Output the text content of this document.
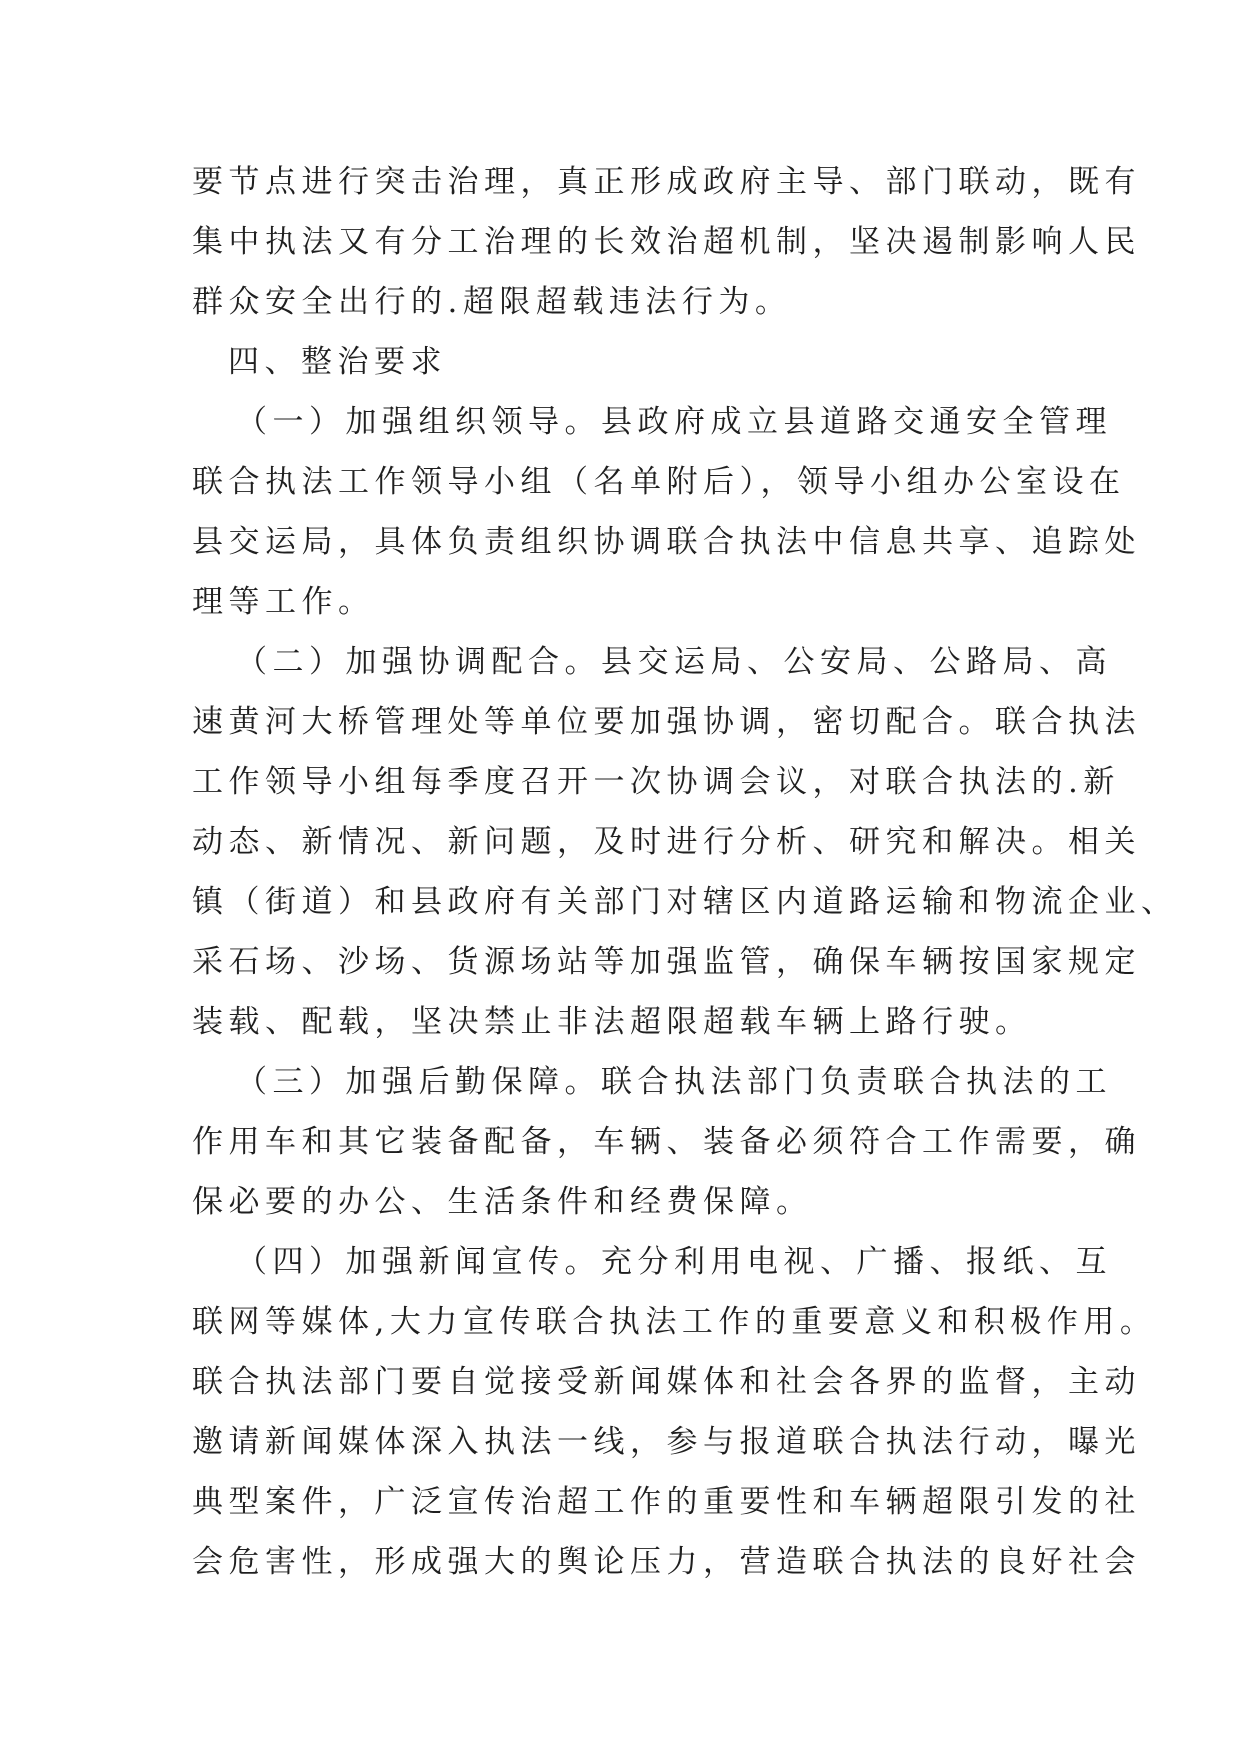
要节点进行突击治理，真正形成政府主导、部门联动，既有
集中执法又有分工治理的长效治超机制，坚决遏制影响人民
群众安全出行的.超限超载违法行为。
四、整治要求
（一）加强组织领导。县政府成立县道路交通安全管理
联合执法工作领导小组（名单附后），领导小组办公室设在
县交运局，具体负责组织协调联合执法中信息共享、追踪处
理等工作。
（二）加强协调配合。县交运局、公安局、公路局、高
速黄河大桥管理处等单位要加强协调，密切配合。联合执法
工作领导小组每季度召开一次协调会议，对联合执法的.新
动态、新情况、新问题，及时进行分析、研究和解决。相关
镇（街道）和县政府有关部门对辖区内道路运输和物流企业、
采石场、沙场、货源场站等加强监管，确保车辆按国家规定
装载、配载，坚决禁止非法超限超载车辆上路行驶。
（三）加强后勤保障。联合执法部门负责联合执法的工
作用车和其它装备配备，车辆、装备必须符合工作需要，确
保必要的办公、生活条件和经费保障。
（四）加强新闻宣传。充分利用电视、广播、报纸、互
联网等媒体,大力宣传联合执法工作的重要意义和积极作用。
联合执法部门要自觉接受新闻媒体和社会各界的监督，主动
邀请新闻媒体深入执法一线，参与报道联合执法行动，曝光
典型案件，广泛宣传治超工作的重要性和车辆超限引发的社
会危害性，形成强大的舆论压力，营造联合执法的良好社会
